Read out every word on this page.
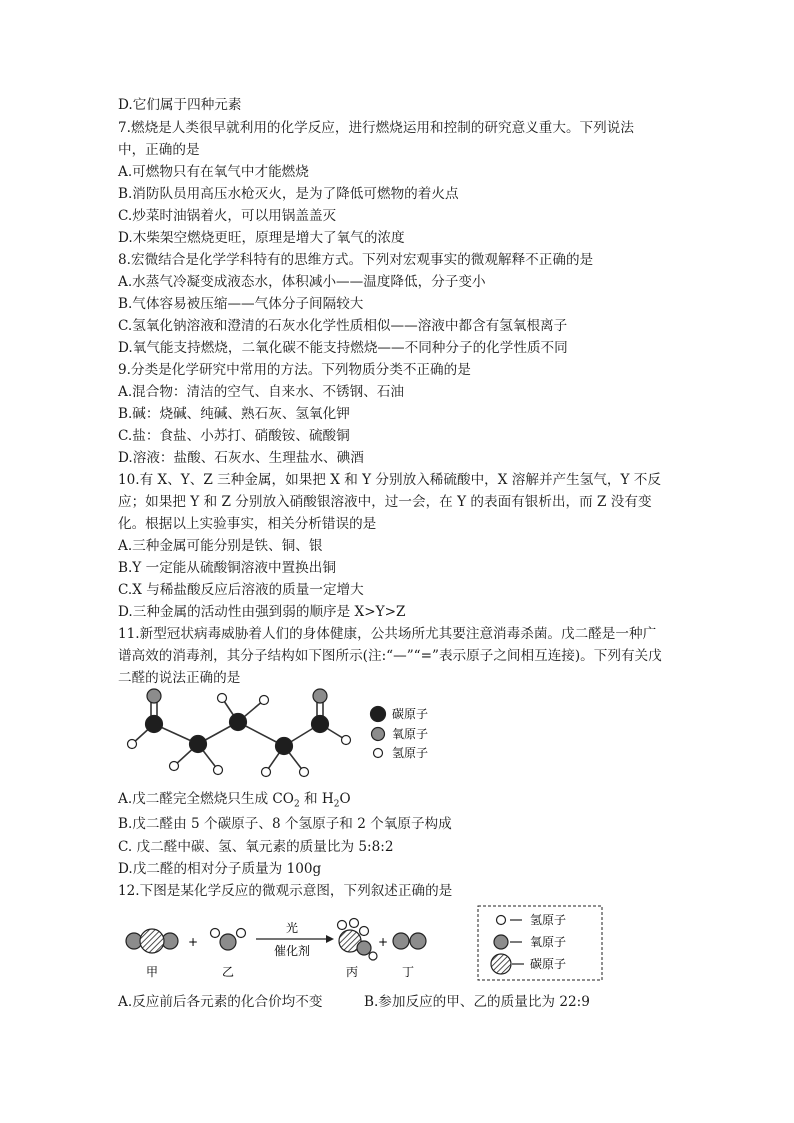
D.它们属于四种元素
7.燃烧是人类很早就利用的化学反应，进行燃烧运用和控制的研究意义重大。下列说法
中，正确的是
A.可燃物只有在氧气中才能燃烧
B.消防队员用高压水枪灭火，是为了降低可燃物的着火点
C.炒菜时油锅着火，可以用锅盖盖灭
D.木柴架空燃烧更旺，原理是增大了氧气的浓度
8.宏微结合是化学学科特有的思维方式。下列对宏观事实的微观解释不正确的是
A.水蒸气冷凝变成液态水，体积减小——温度降低，分子变小
B.气体容易被压缩——气体分子间隔较大
C.氢氧化钠溶液和澄清的石灰水化学性质相似——溶液中都含有氢氧根离子
D.氧气能支持燃烧，二氧化碳不能支持燃烧——不同种分子的化学性质不同
9.分类是化学研究中常用的方法。下列物质分类不正确的是
A.混合物：清洁的空气、自来水、不锈钢、石油
B.碱：烧碱、纯碱、熟石灰、氢氧化钾
C.盐：食盐、小苏打、硝酸铵、硫酸铜
D.溶液：盐酸、石灰水、生理盐水、碘酒
10.有 X、Y、Z 三种金属，如果把 X 和 Y 分别放入稀硫酸中，X 溶解并产生氢气，Y 不反
应；如果把 Y 和 Z 分别放入硝酸银溶液中，过一会，在 Y 的表面有银析出，而 Z 没有变
化。根据以上实验事实，相关分析错误的是
A.三种金属可能分别是铁、铜、银
B.Y 一定能从硫酸铜溶液中置换出铜
C.X 与稀盐酸反应后溶液的质量一定增大
D.三种金属的活动性由强到弱的顺序是 X>Y>Z
11.新型冠状病毒威胁着人们的身体健康，公共场所尤其要注意消毒杀菌。戊二醛是一种广
谱高效的消毒剂，其分子结构如下图所示(注:“—”“=”表示原子之间相互连接)。下列有关戊
二醛的说法正确的是
碳原子
氧原子
氢原子
A.戊二醛完全燃烧只生成 $CO_2$ 和 $H_2O$
B.戊二醛由 5 个碳原子、8 个氢原子和 2 个氧原子构成
C. 戊二醛中碳、氢、氧元素的质量比为 5:8:2
D.戊二醛的相对分子质量为 100g
12.下图是某化学反应的微观示意图，下列叙述正确的是
+	+
光
催化剂
甲	乙	丙	丁
氢原子
氧原子
碳原子
A.反应前后各元素的化合价均不变	B.参加反应的甲、乙的质量比为 22:9
